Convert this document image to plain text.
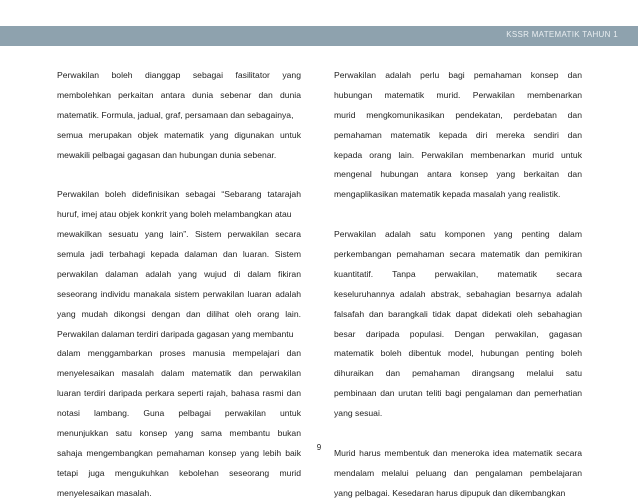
KSSR MATEMATIK TAHUN 1
Perwakilan boleh dianggap sebagai fasilitator yang
membolehkan perkaitan antara dunia sebenar dan dunia
matematik. Formula, jadual, graf, persamaan dan sebagainya,
semua merupakan objek matematik yang digunakan untuk
mewakili pelbagai gagasan dan hubungan dunia sebenar.
Perwakilan boleh didefinisikan sebagai “Sebarang tatarajah
huruf, imej atau objek konkrit yang boleh melambangkan atau
mewakilkan sesuatu yang lain”. Sistem perwakilan secara
semula jadi terbahagi kepada dalaman dan luaran. Sistem
perwakilan dalaman adalah yang wujud di dalam fikiran
seseorang individu manakala sistem perwakilan luaran adalah
yang mudah dikongsi dengan dan dilihat oleh orang lain.
Perwakilan dalaman terdiri daripada gagasan yang membantu
dalam menggambarkan proses manusia mempelajari dan
menyelesaikan masalah dalam matematik dan perwakilan
luaran terdiri daripada perkara seperti rajah, bahasa rasmi dan
notasi lambang. Guna pelbagai perwakilan untuk
menunjukkan satu konsep yang sama membantu bukan
sahaja mengembangkan pemahaman konsep yang lebih baik
tetapi juga mengukuhkan kebolehan seseorang murid
menyelesaikan masalah.
Perwakilan adalah perlu bagi pemahaman konsep dan
hubungan matematik murid. Perwakilan membenarkan
murid mengkomunikasikan pendekatan, perdebatan dan
pemahaman matematik kepada diri mereka sendiri dan
kepada orang lain. Perwakilan membenarkan murid untuk
mengenal hubungan antara konsep yang berkaitan dan
mengaplikasikan matematik kepada masalah yang realistik.
Perwakilan adalah satu komponen yang penting dalam
perkembangan pemahaman secara matematik dan pemikiran
kuantitatif. Tanpa perwakilan, matematik secara
keseluruhannya adalah abstrak, sebahagian besarnya adalah
falsafah dan barangkali tidak dapat didekati oleh sebahagian
besar daripada populasi. Dengan perwakilan, gagasan
matematik boleh dibentuk model, hubungan penting boleh
dihuraikan dan pemahaman dirangsang melalui satu
pembinaan dan urutan teliti bagi pengalaman dan pemerhatian
yang sesuai.
Murid harus membentuk dan meneroka idea matematik secara
mendalam melalui peluang dan pengalaman pembelajaran
yang pelbagai. Kesedaran harus dipupuk dan dikembangkan
9
